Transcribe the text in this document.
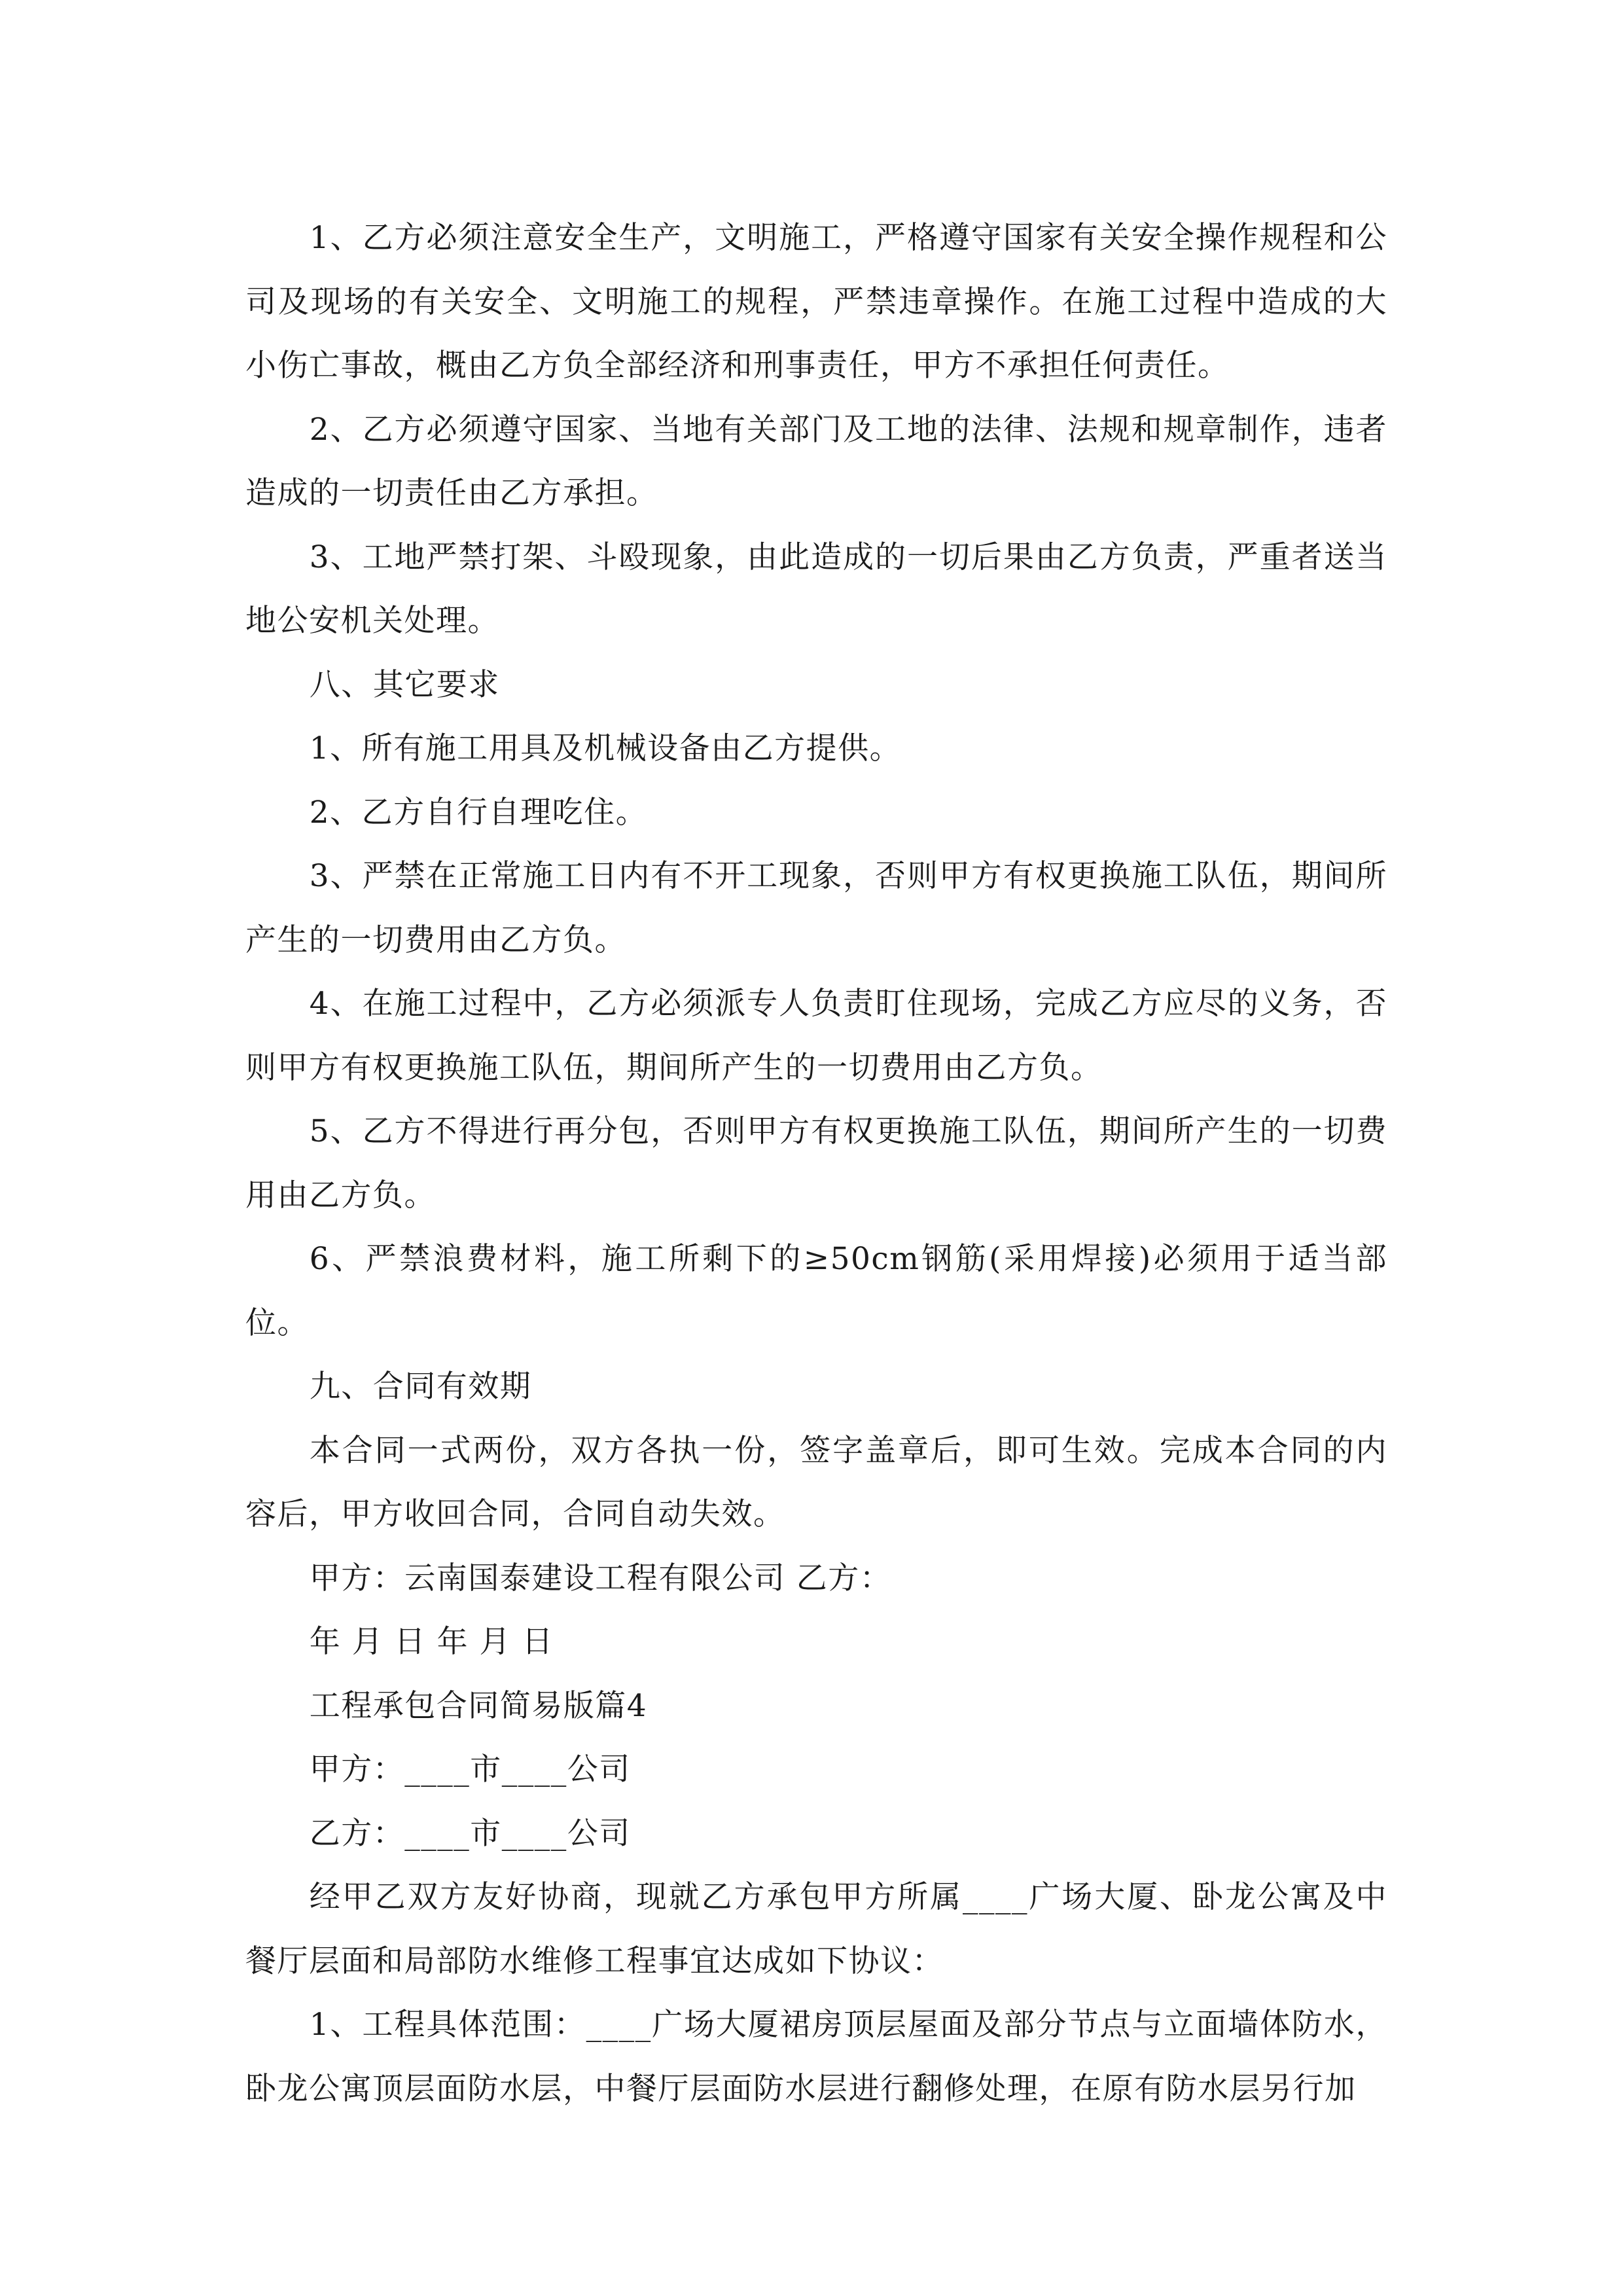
1、乙方必须注意安全生产，文明施工，严格遵守国家有关安全操作规程和公司及现场的有关安全、文明施工的规程，严禁违章操作。在施工过程中造成的大小伤亡事故，概由乙方负全部经济和刑事责任，甲方不承担任何责任。

2、乙方必须遵守国家、当地有关部门及工地的法律、法规和规章制作，违者造成的一切责任由乙方承担。

3、工地严禁打架、斗殴现象，由此造成的一切后果由乙方负责，严重者送当地公安机关处理。

八、其它要求

1、所有施工用具及机械设备由乙方提供。

2、乙方自行自理吃住。

3、严禁在正常施工日内有不开工现象，否则甲方有权更换施工队伍，期间所产生的一切费用由乙方负。

4、在施工过程中，乙方必须派专人负责盯住现场，完成乙方应尽的义务，否则甲方有权更换施工队伍，期间所产生的一切费用由乙方负。

5、乙方不得进行再分包，否则甲方有权更换施工队伍，期间所产生的一切费用由乙方负。

6、严禁浪费材料，施工所剩下的≥50cm钢筋(采用焊接)必须用于适当部位。

九、合同有效期

本合同一式两份，双方各执一份，签字盖章后，即可生效。完成本合同的内容后，甲方收回合同，合同自动失效。

甲方：云南国泰建设工程有限公司 乙方：

年 月 日 年 月 日

工程承包合同简易版篇4

甲方：____市____公司

乙方：____市____公司

经甲乙双方友好协商，现就乙方承包甲方所属____广场大厦、卧龙公寓及中餐厅层面和局部防水维修工程事宜达成如下协议：

1、工程具体范围：____广场大厦裙房顶层屋面及部分节点与立面墙体防水，卧龙公寓顶层面防水层，中餐厅层面防水层进行翻修处理，在原有防水层另行加
